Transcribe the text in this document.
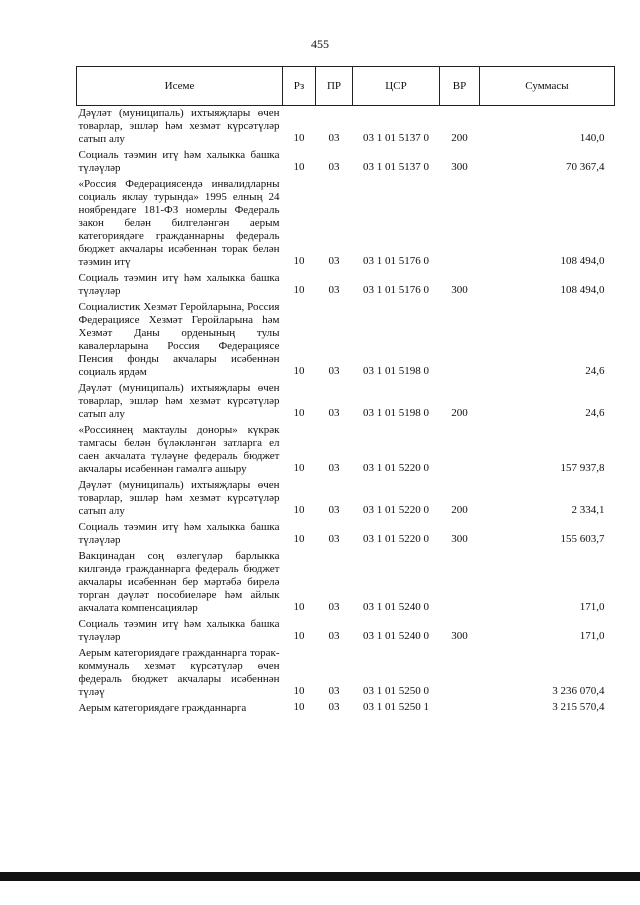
455
Исеме	Рз	ПР	ЦСР	ВР	Суммасы
Дәүләт (муниципаль) ихтыяҗлары өчен товарлар, эшләр һәм хезмәт күрсәтүләр сатып алу	10	03	03 1 01 5137 0	200	140,0
Социаль тәэмин итү һәм халыкка башка түләүләр	10	03	03 1 01 5137 0	300	70 367,4
«Россия Федерациясендә инвалидларны социаль яклау турында» 1995 елның 24 ноябрендәге 181-ФЗ номерлы Федераль закон белән билгеләнгән аерым категориядәге гражданнарны федераль бюджет акчалары исәбеннән торак белән тәэмин итү	10	03	03 1 01 5176 0		108 494,0
Социаль тәэмин итү һәм халыкка башка түләүләр	10	03	03 1 01 5176 0	300	108 494,0
Социалистик Хезмәт Геройларына, Россия Федерациясе Хезмәт Геройларына һәм Хезмәт Даны орденының тулы кавалерларына Россия Федерациясе Пенсия фонды акчалары исәбеннән социаль ярдәм	10	03	03 1 01 5198 0		24,6
Дәүләт (муниципаль) ихтыяҗлары өчен товарлар, эшләр һәм хезмәт күрсәтүләр сатып алу	10	03	03 1 01 5198 0	200	24,6
«Россиянең мактаулы доноры» күкрәк тамгасы белән бүләкләнгән затларга ел саен акчалата түләүне федераль бюджет акчалары исәбеннән гамәлгә ашыру	10	03	03 1 01 5220 0		157 937,8
Дәүләт (муниципаль) ихтыяҗлары өчен товарлар, эшләр һәм хезмәт күрсәтүләр сатып алу	10	03	03 1 01 5220 0	200	2 334,1
Социаль тәэмин итү һәм халыкка башка түләүләр	10	03	03 1 01 5220 0	300	155 603,7
Вакцинадан соң өзлегүләр барлыкка килгәндә гражданнарга федераль бюджет акчалары исәбеннән бер мәртәбә бирелә торган дәүләт пособиеләре һәм айлык акчалата компенсацияләр	10	03	03 1 01 5240 0		171,0
Социаль тәэмин итү һәм халыкка башка түләүләр	10	03	03 1 01 5240 0	300	171,0
Аерым категориядәге гражданнарга торак-коммуналь хезмәт күрсәтүләр өчен федераль бюджет акчалары исәбеннән түләү	10	03	03 1 01 5250 0		3 236 070,4
Аерым категориядәге гражданнарга	10	03	03 1 01 5250 1		3 215 570,4
